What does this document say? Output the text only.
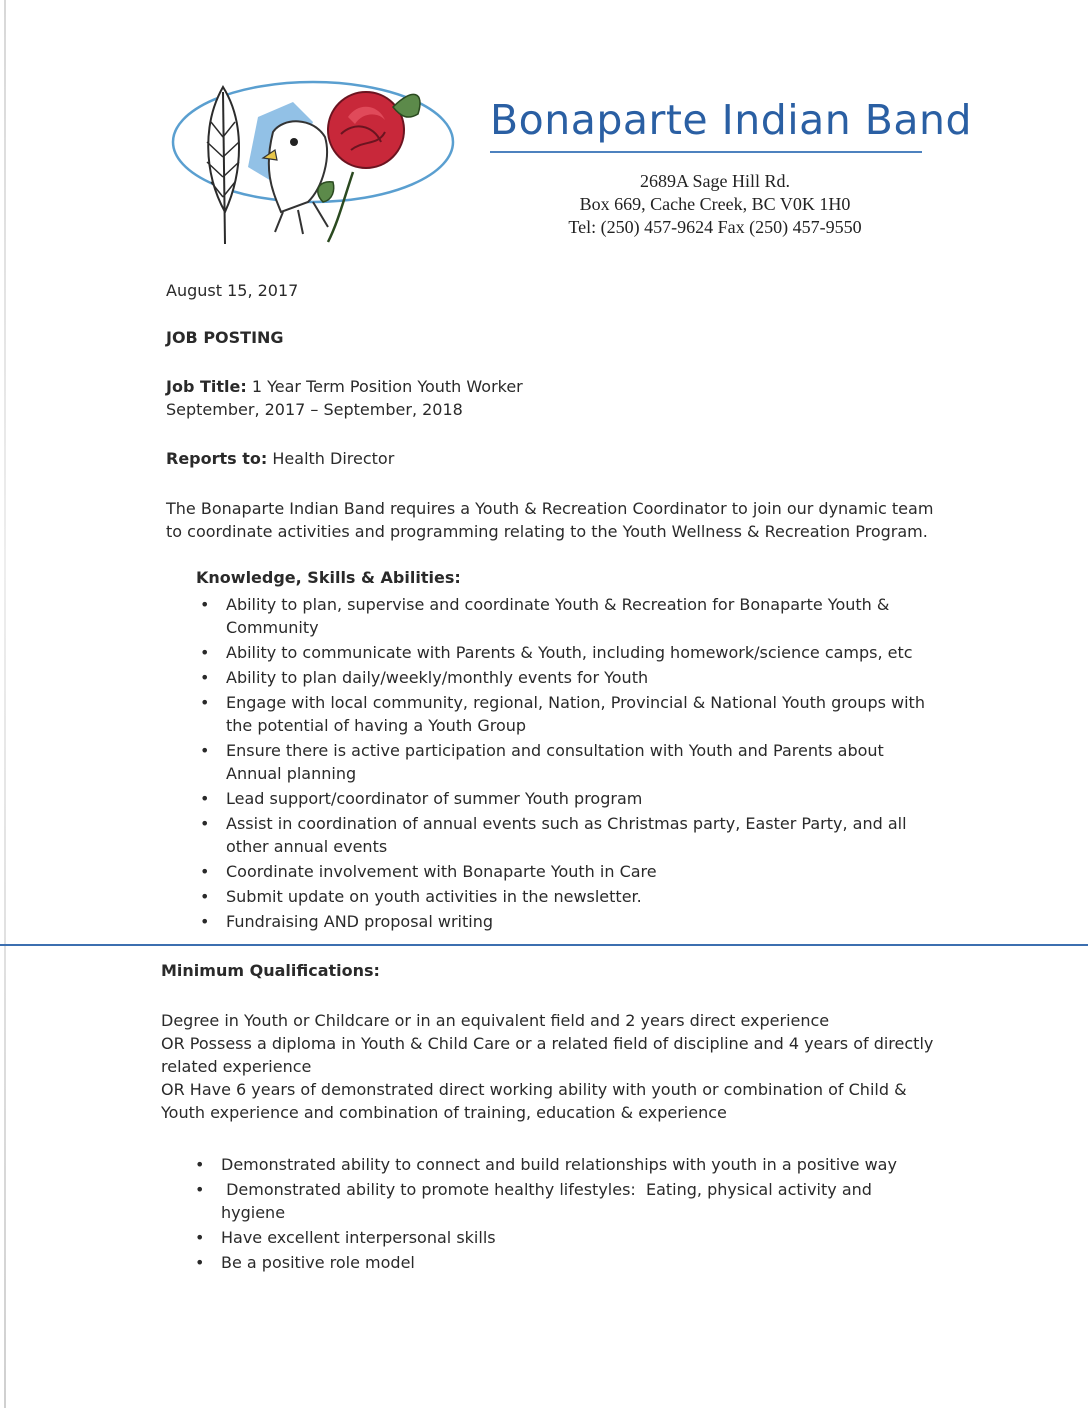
Bonaparte Indian Band
2689A Sage Hill Rd.
Box 669, Cache Creek, BC V0K 1H0
Tel: (250) 457-9624 Fax (250) 457-9550
August 15, 2017
JOB POSTING
Job Title: 1 Year Term Position Youth Worker
September, 2017 – September, 2018
Reports to: Health Director
The Bonaparte Indian Band requires a Youth & Recreation Coordinator to join our dynamic team to coordinate activities and programming relating to the Youth Wellness & Recreation Program.
Knowledge, Skills & Abilities:
• Ability to plan, supervise and coordinate Youth & Recreation for Bonaparte Youth & Community
• Ability to communicate with Parents & Youth, including homework/science camps, etc
• Ability to plan daily/weekly/monthly events for Youth
• Engage with local community, regional, Nation, Provincial & National Youth groups with the potential of having a Youth Group
• Ensure there is active participation and consultation with Youth and Parents about Annual planning
• Lead support/coordinator of summer Youth program
• Assist in coordination of annual events such as Christmas party, Easter Party, and all other annual events
• Coordinate involvement with Bonaparte Youth in Care
• Submit update on youth activities in the newsletter.
• Fundraising AND proposal writing
Minimum Qualifications:
Degree in Youth or Childcare or in an equivalent field and 2 years direct experience
OR Possess a diploma in Youth & Child Care or a related field of discipline and 4 years of directly related experience
OR Have 6 years of demonstrated direct working ability with youth or combination of Child & Youth experience and combination of training, education & experience
• Demonstrated ability to connect and build relationships with youth in a positive way
• Demonstrated ability to promote healthy lifestyles:  Eating, physical activity and hygiene
• Have excellent interpersonal skills
• Be a positive role model
